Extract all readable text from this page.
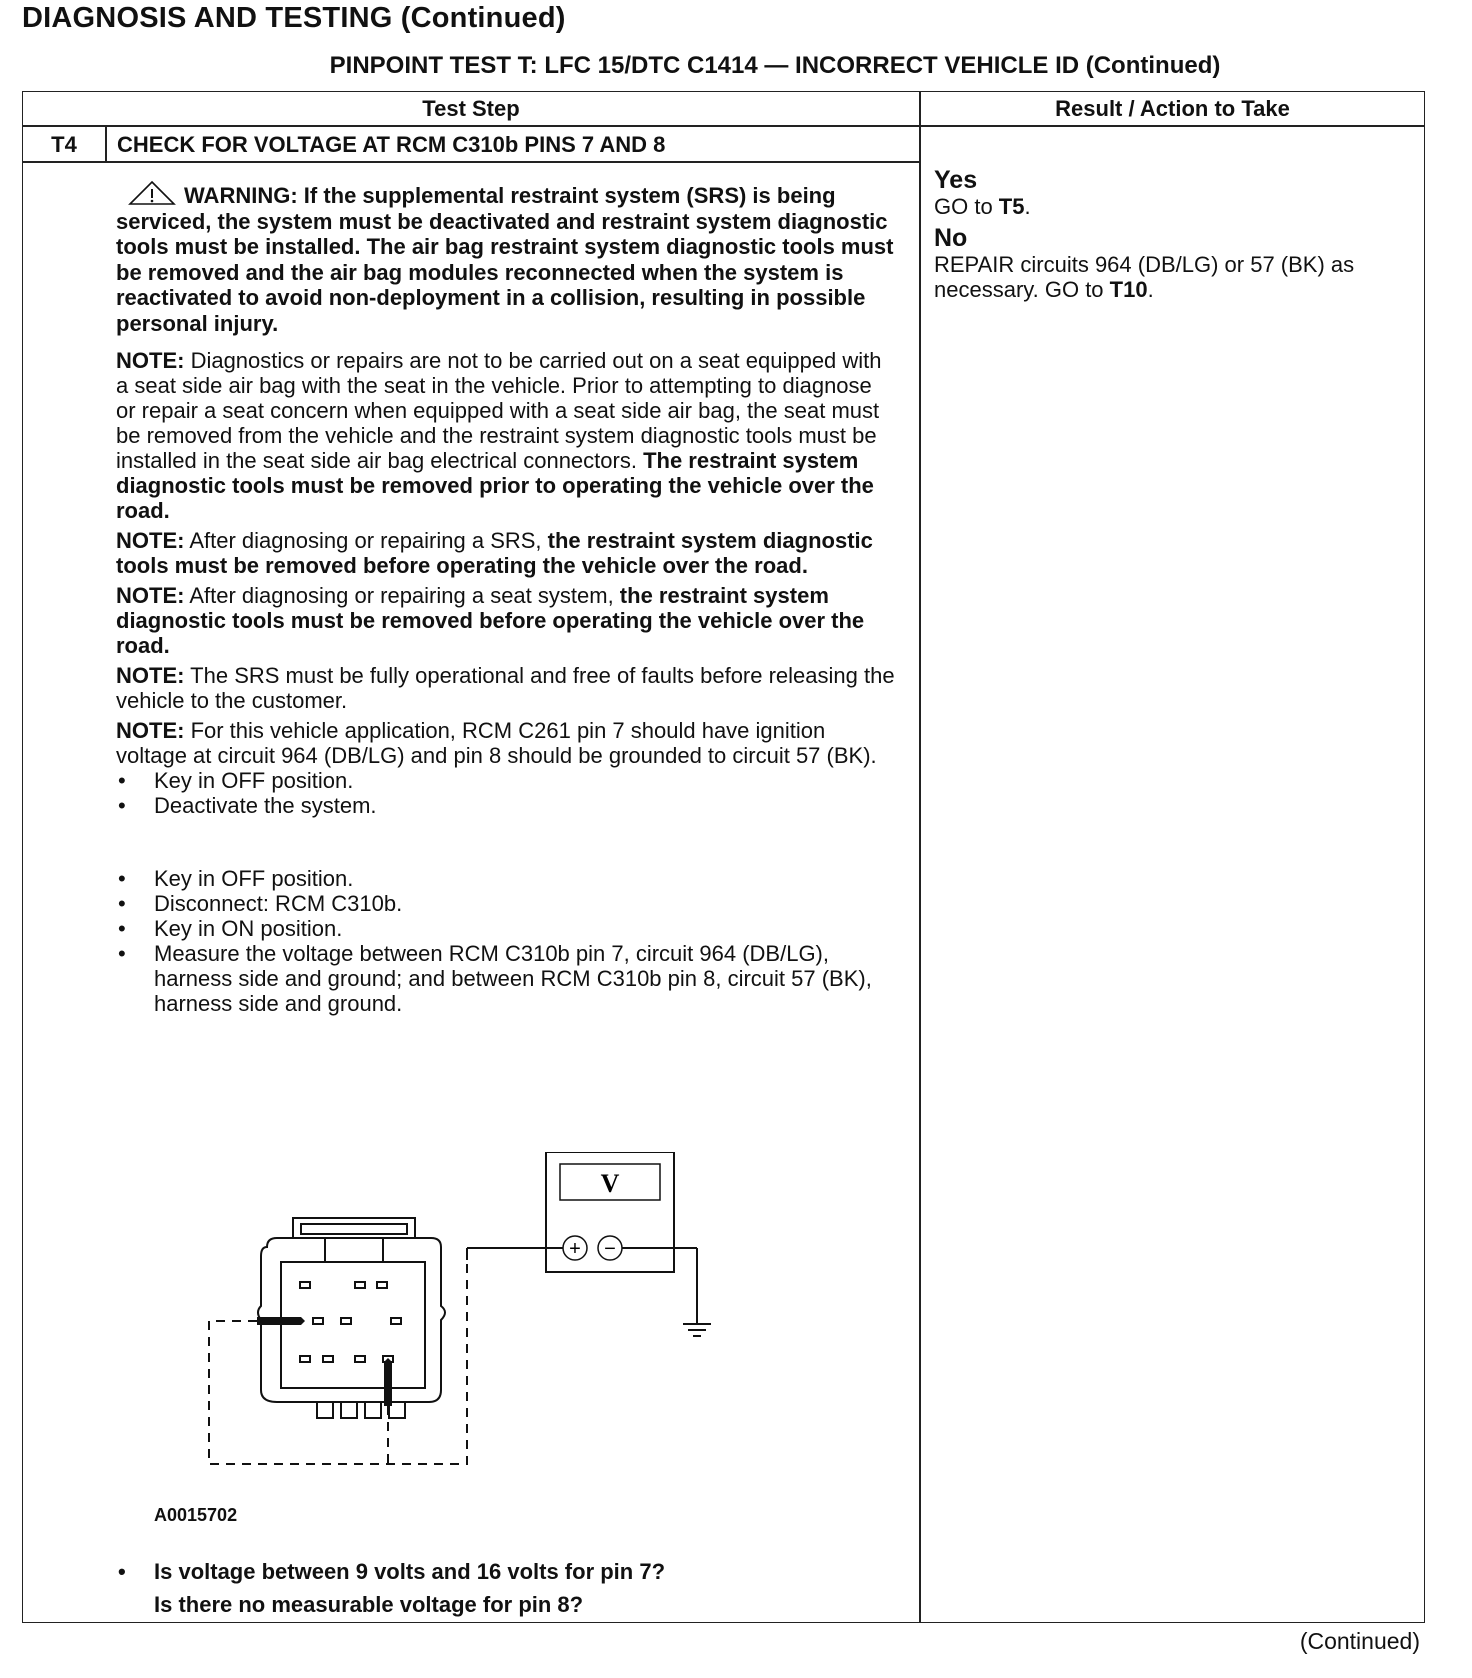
DIAGNOSIS AND TESTING (Continued)
PINPOINT TEST T: LFC 15/DTC C1414 — INCORRECT VEHICLE ID (Continued)
Test Step	Result / Action to Take
T4	CHECK FOR VOLTAGE AT RCM C310b PINS 7 AND 8
WARNING: If the supplemental restraint system (SRS) is being serviced, the system must be deactivated and restraint system diagnostic tools must be installed. The air bag restraint system diagnostic tools must be removed and the air bag modules reconnected when the system is reactivated to avoid non-deployment in a collision, resulting in possible personal injury.
NOTE: Diagnostics or repairs are not to be carried out on a seat equipped with a seat side air bag with the seat in the vehicle. Prior to attempting to diagnose or repair a seat concern when equipped with a seat side air bag, the seat must be removed from the vehicle and the restraint system diagnostic tools must be installed in the seat side air bag electrical connectors. The restraint system diagnostic tools must be removed prior to operating the vehicle over the road.
NOTE: After diagnosing or repairing a SRS, the restraint system diagnostic tools must be removed before operating the vehicle over the road.
NOTE: After diagnosing or repairing a seat system, the restraint system diagnostic tools must be removed before operating the vehicle over the road.
NOTE: The SRS must be fully operational and free of faults before releasing the vehicle to the customer.
NOTE: For this vehicle application, RCM C261 pin 7 should have ignition voltage at circuit 964 (DB/LG) and pin 8 should be grounded to circuit 57 (BK).
• Key in OFF position.
• Deactivate the system.
• Key in OFF position.
• Disconnect: RCM C310b.
• Key in ON position.
• Measure the voltage between RCM C310b pin 7, circuit 964 (DB/LG), harness side and ground; and between RCM C310b pin 8, circuit 57 (BK), harness side and ground.
V
+ −
A0015702
•	Is voltage between 9 volts and 16 volts for pin 7?
Is there no measurable voltage for pin 8?
Yes
GO to T5.
No
REPAIR circuits 964 (DB/LG) or 57 (BK) as necessary. GO to T10.
(Continued)
